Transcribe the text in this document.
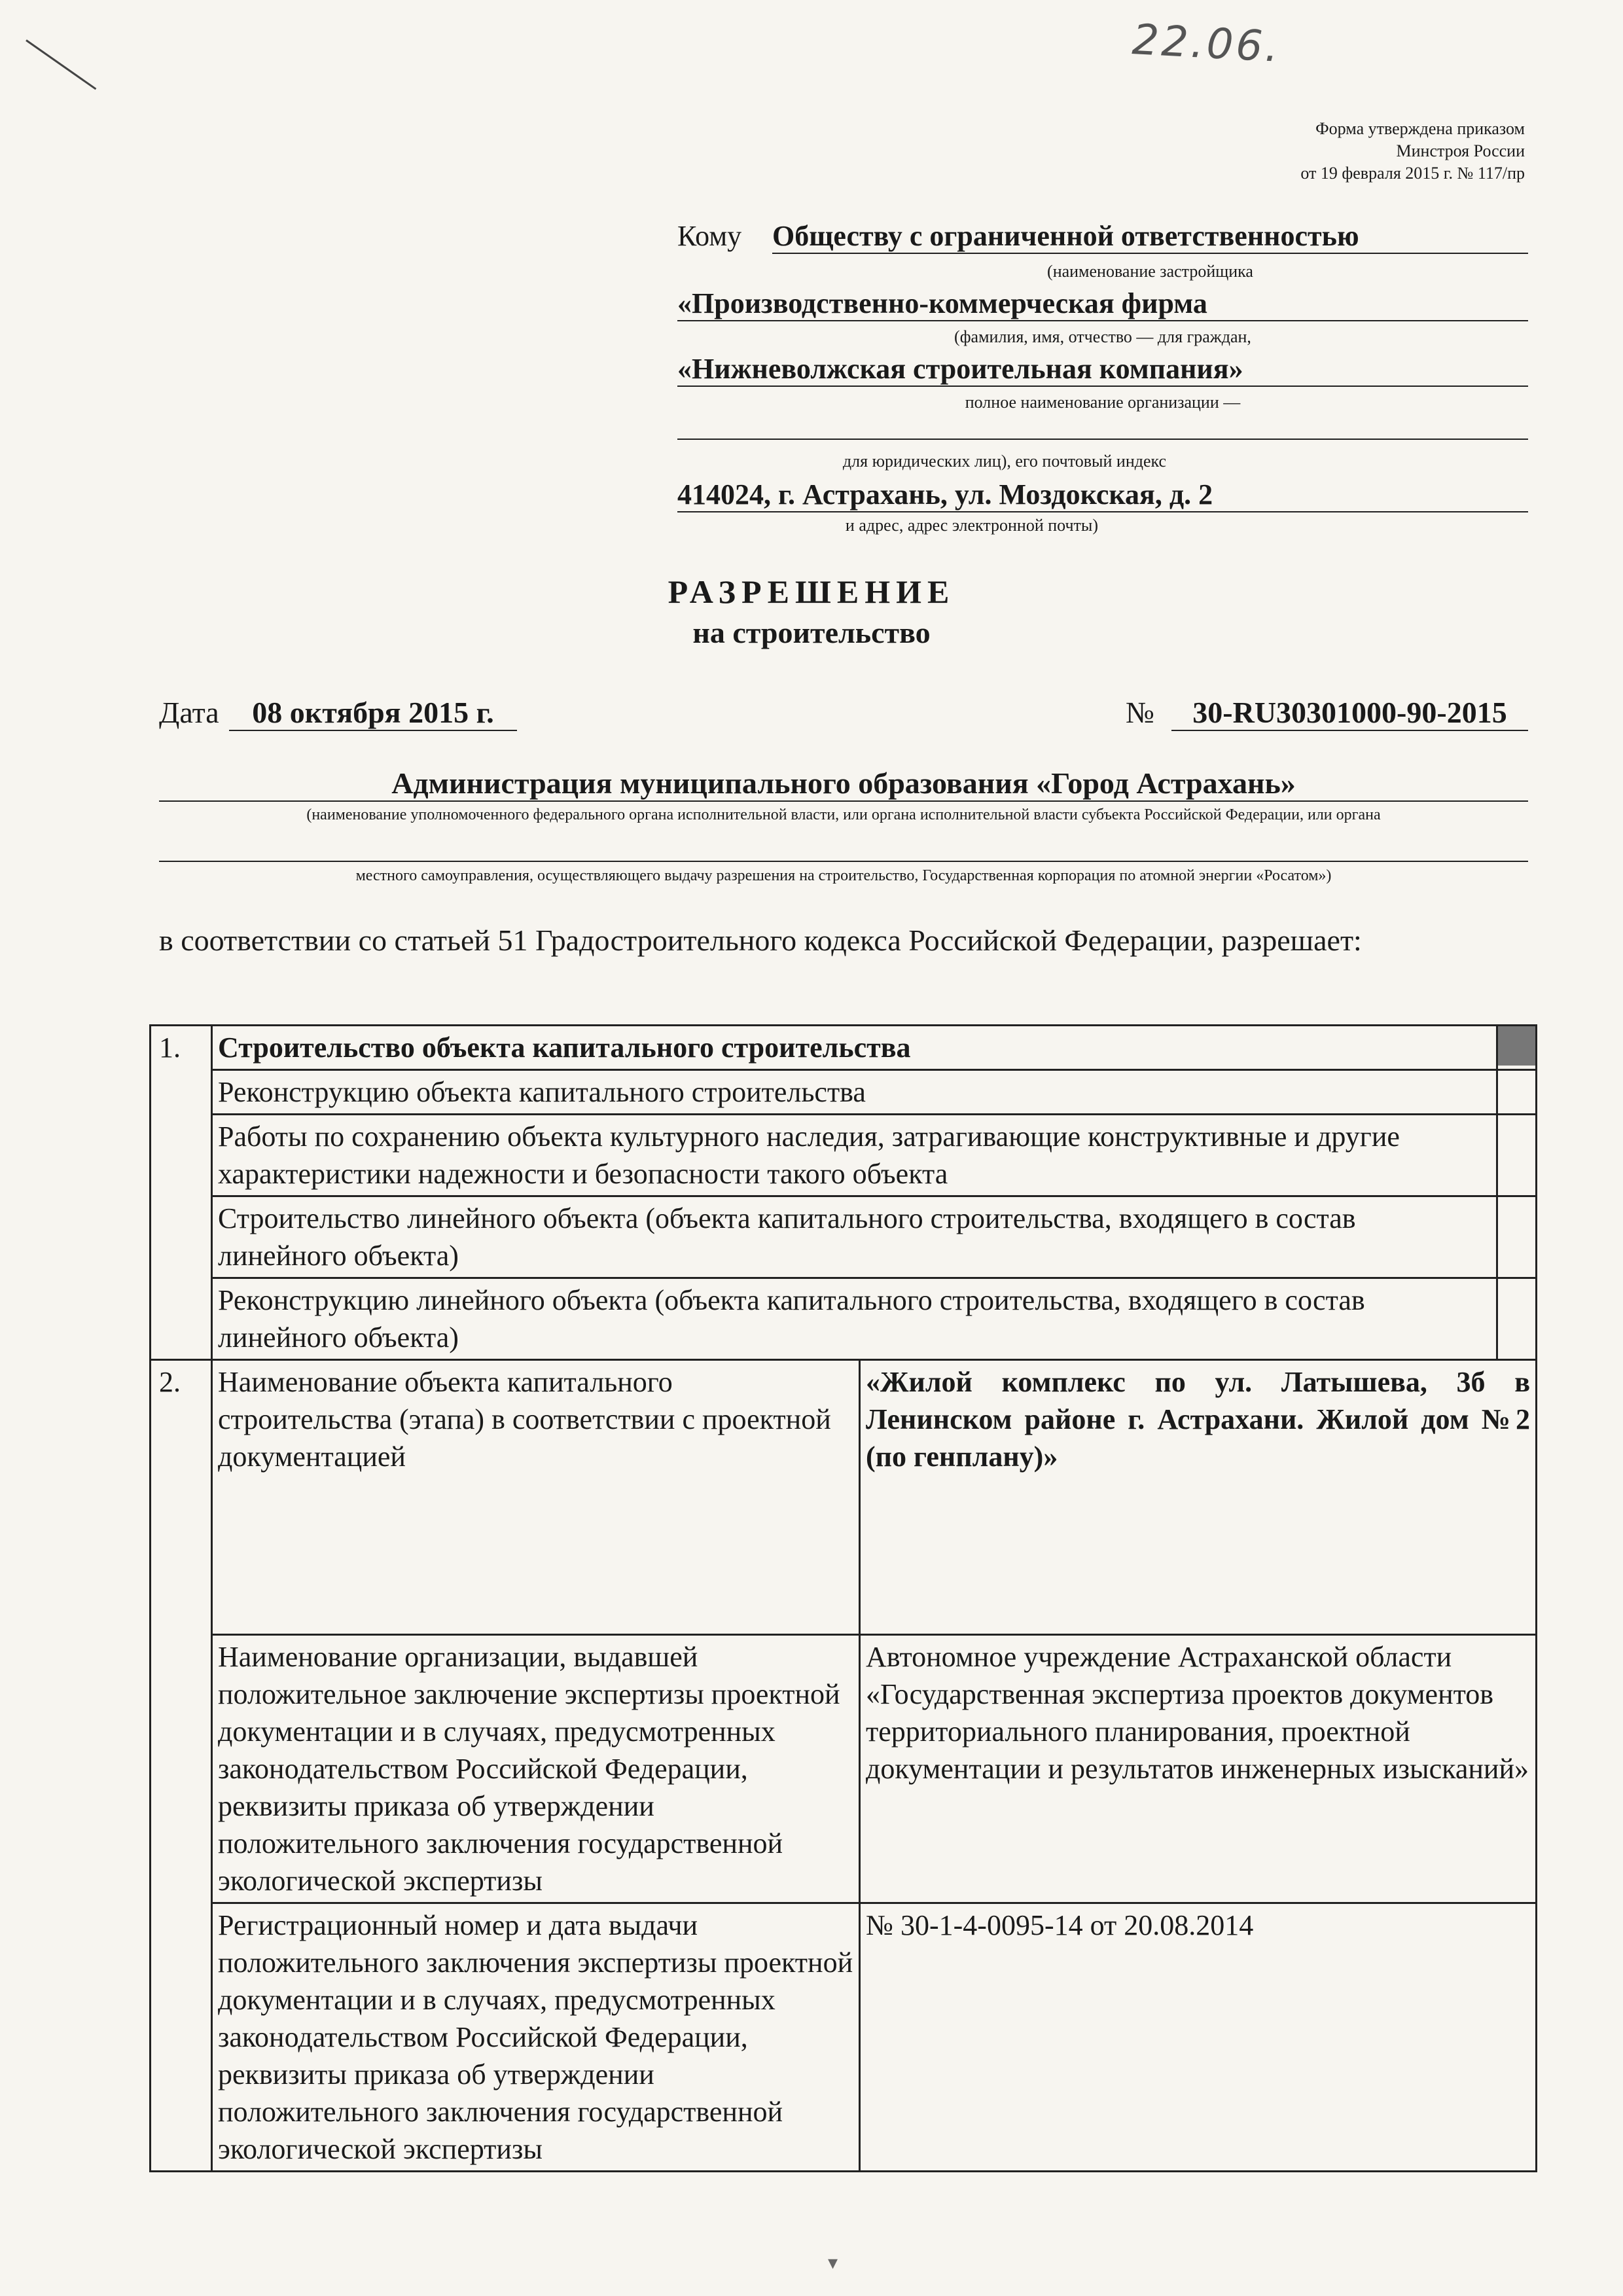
22.06.
Форма утверждена приказом
Минстроя России
от 19 февраля 2015 г. № 117/пр
Кому Обществу с ограниченной ответственностью
(наименование застройщика
«Производственно-коммерческая фирма
(фамилия, имя, отчество — для граждан,
«Нижневолжская строительная компания»
полное наименование организации —
для юридических лиц), его почтовый индекс
414024, г. Астрахань, ул. Моздокская, д. 2
и адрес, адрес электронной почты)
РАЗРЕШЕНИЕ
на строительство
Дата	08 октября 2015 г.	№	30-RU30301000-90-2015
Администрация муниципального образования «Город Астрахань»
(наименование уполномоченного федерального органа исполнительной власти, или органа исполнительной власти субъекта Российской Федерации, или органа
местного самоуправления, осуществляющего выдачу разрешения на строительство, Государственная корпорация по атомной энергии «Росатом»)
в соответствии со статьей 51 Градостроительного кодекса Российской Федерации, разрешает:
1.	Строительство объекта капитального строительства		

	Реконструкцию объекта капитального строительства		
	Работы по сохранению объекта культурного наследия, затрагивающие конструктивные и другие характеристики надежности и безопасности такого объекта		
	Строительство линейного объекта (объекта капитального строительства, входящего в состав линейного объекта)		
	Реконструкцию линейного объекта (объекта капитального строительства, входящего в состав линейного объекта)		
2.	Наименование объекта капитального строительства (этапа) в соответствии с проектной документацией	«Жилой комплекс по ул. Латышева, 3б в Ленинском районе г. Астрахани. Жилой дом №2 (по генплану)»	
	Наименование организации, выдавшей положительное заключение экспертизы проектной документации и в случаях, предусмотренных законодательством Российской Федерации, реквизиты приказа об утверждении положительного заключения государственной экологической экспертизы	Автономное учреждение Астраханской области «Государственная экспертиза проектов документов территориального планирования, проектной документации и результатов инженерных изысканий»	
	Регистрационный номер и дата выдачи положительного заключения экспертизы проектной документации и в случаях, предусмотренных законодательством Российской Федерации, реквизиты приказа об утверждении положительного заключения государственной экологической экспертизы	№ 30-1-4-0095-14 от 20.08.2014	
▾
